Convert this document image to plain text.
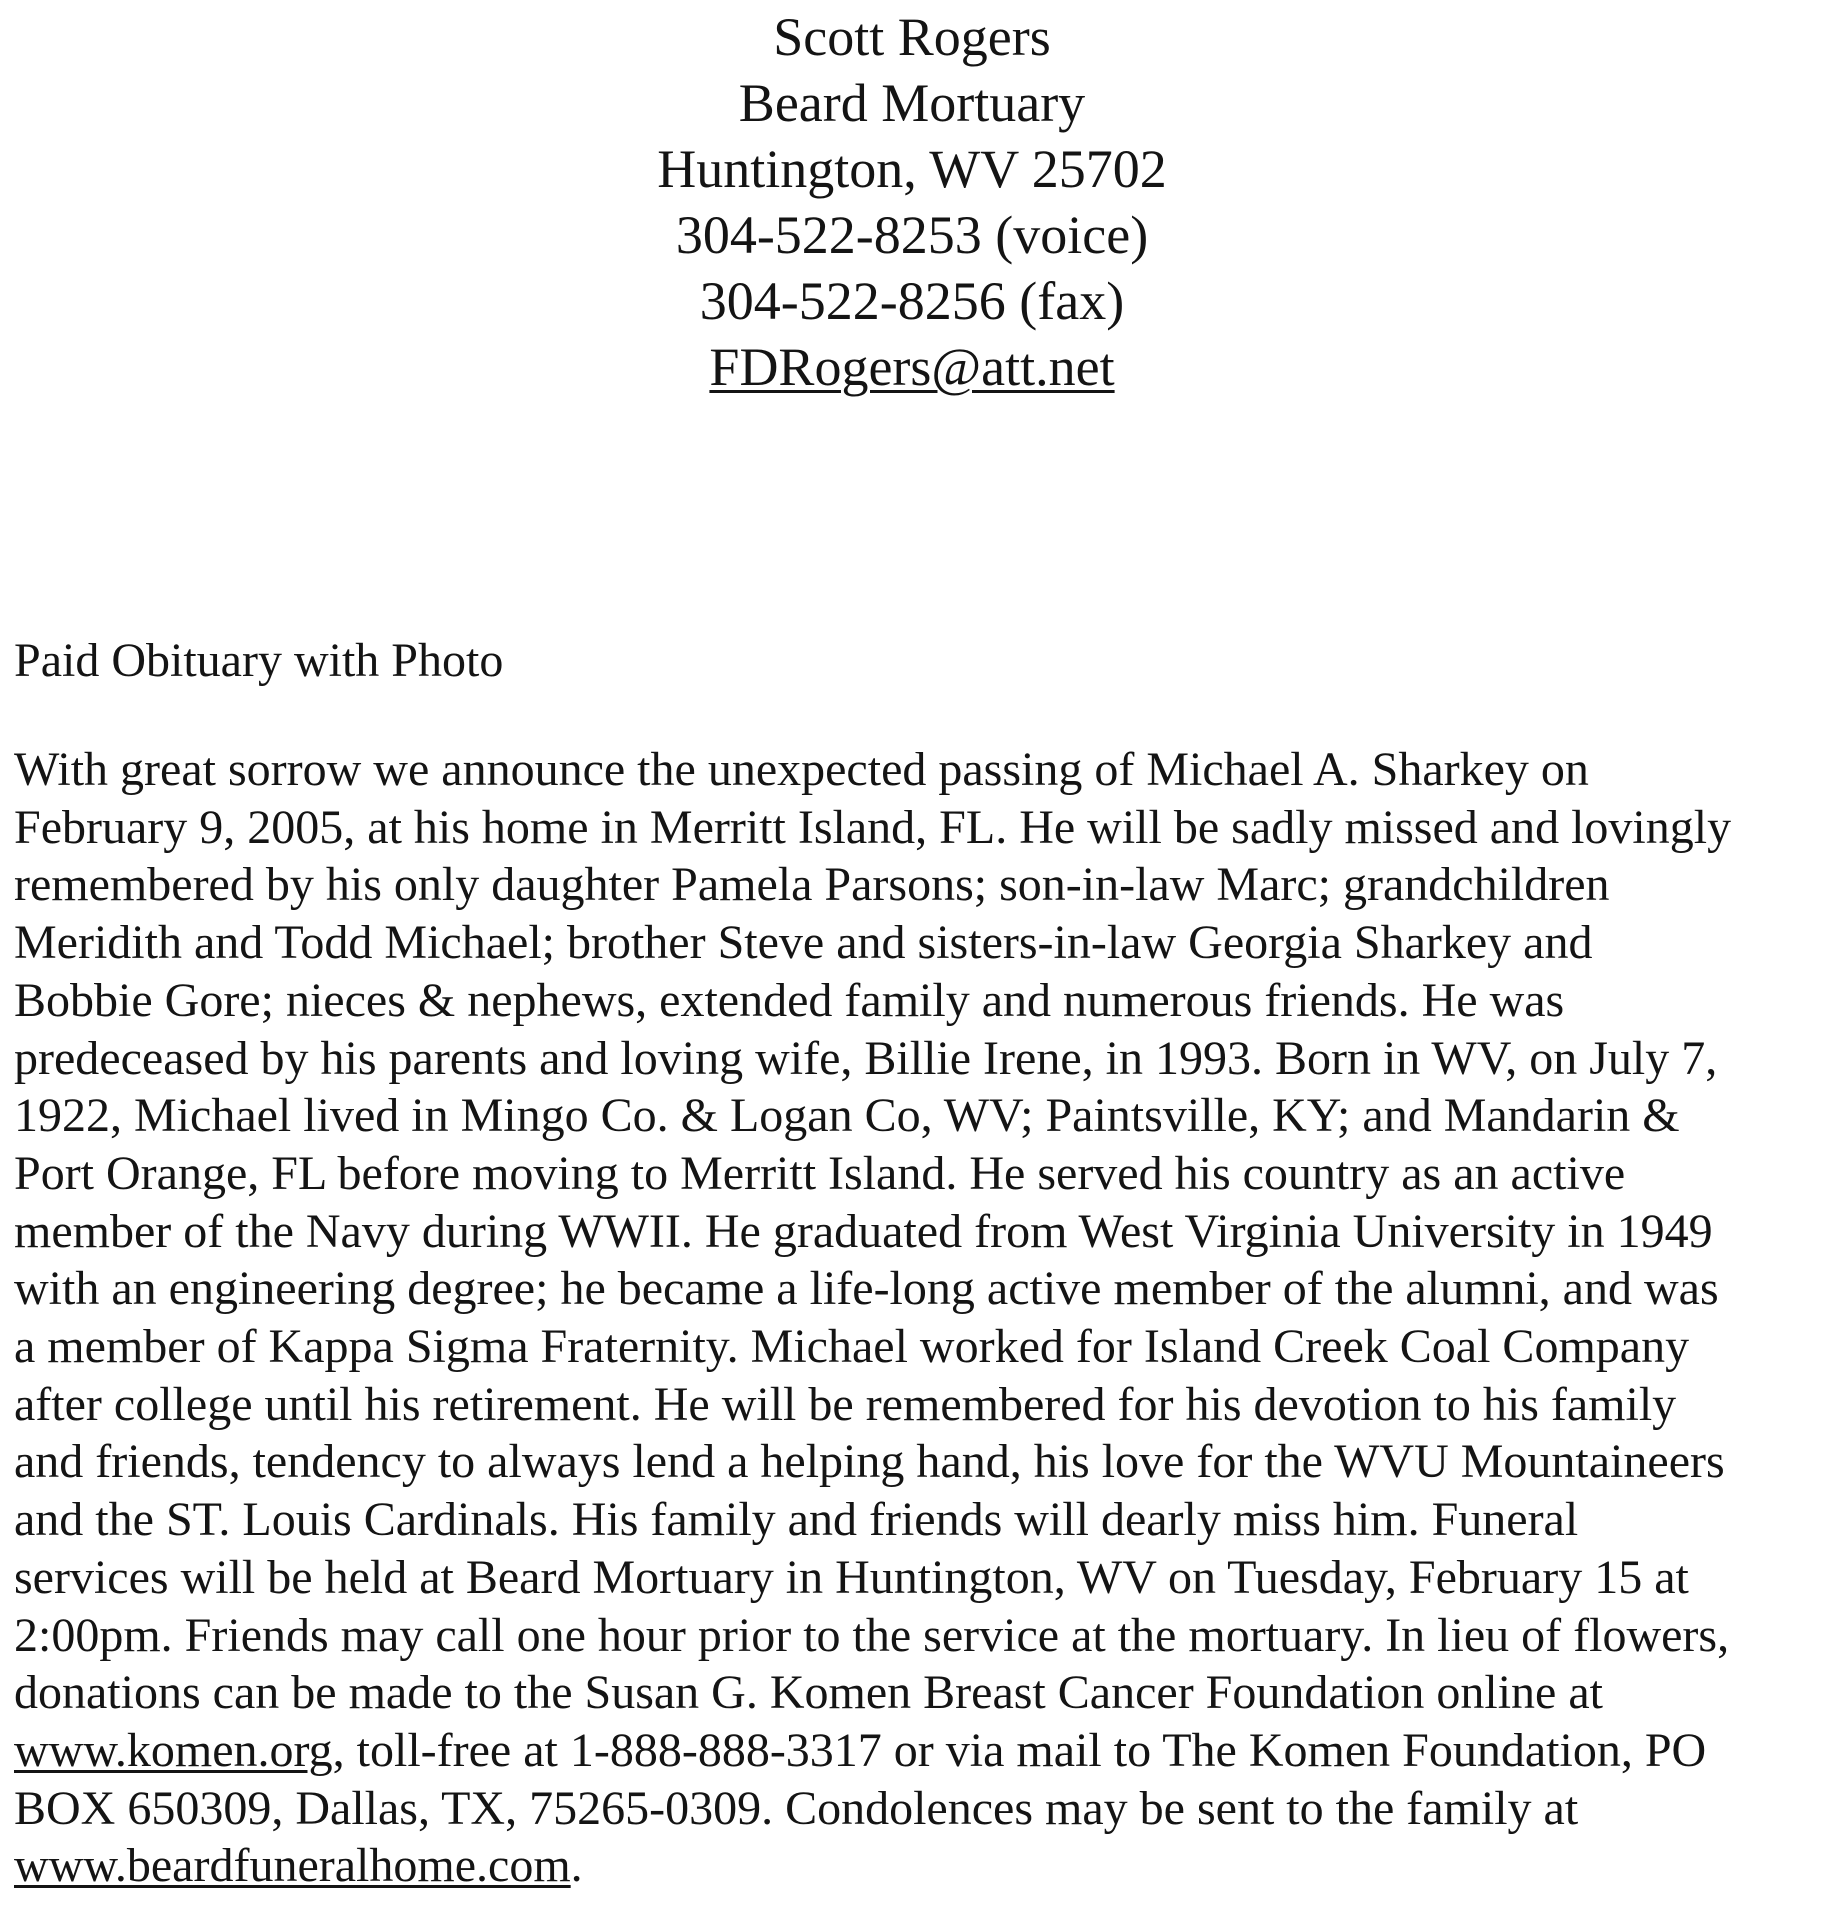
Scott Rogers
Beard Mortuary
Huntington, WV 25702
304-522-8253 (voice)
304-522-8256 (fax)
FDRogers@att.net
Paid Obituary with Photo
With great sorrow we announce the unexpected passing of Michael A. Sharkey on
February 9, 2005, at his home in Merritt Island, FL. He will be sadly missed and lovingly
remembered by his only daughter Pamela Parsons; son-in-law Marc; grandchildren
Meridith and Todd Michael; brother Steve and sisters-in-law Georgia Sharkey and
Bobbie Gore; nieces & nephews, extended family and numerous friends. He was
predeceased by his parents and loving wife, Billie Irene, in 1993. Born in WV, on July 7,
1922, Michael lived in Mingo Co. & Logan Co, WV; Paintsville, KY; and Mandarin &
Port Orange, FL before moving to Merritt Island. He served his country as an active
member of the Navy during WWII. He graduated from West Virginia University in 1949
with an engineering degree; he became a life-long active member of the alumni, and was
a member of Kappa Sigma Fraternity. Michael worked for Island Creek Coal Company
after college until his retirement. He will be remembered for his devotion to his family
and friends, tendency to always lend a helping hand, his love for the WVU Mountaineers
and the ST. Louis Cardinals. His family and friends will dearly miss him. Funeral
services will be held at Beard Mortuary in Huntington, WV on Tuesday, February 15 at
2:00pm. Friends may call one hour prior to the service at the mortuary. In lieu of flowers,
donations can be made to the Susan G. Komen Breast Cancer Foundation online at
www.komen.org, toll-free at 1-888-888-3317 or via mail to The Komen Foundation, PO
BOX 650309, Dallas, TX, 75265-0309. Condolences may be sent to the family at
www.beardfuneralhome.com.
